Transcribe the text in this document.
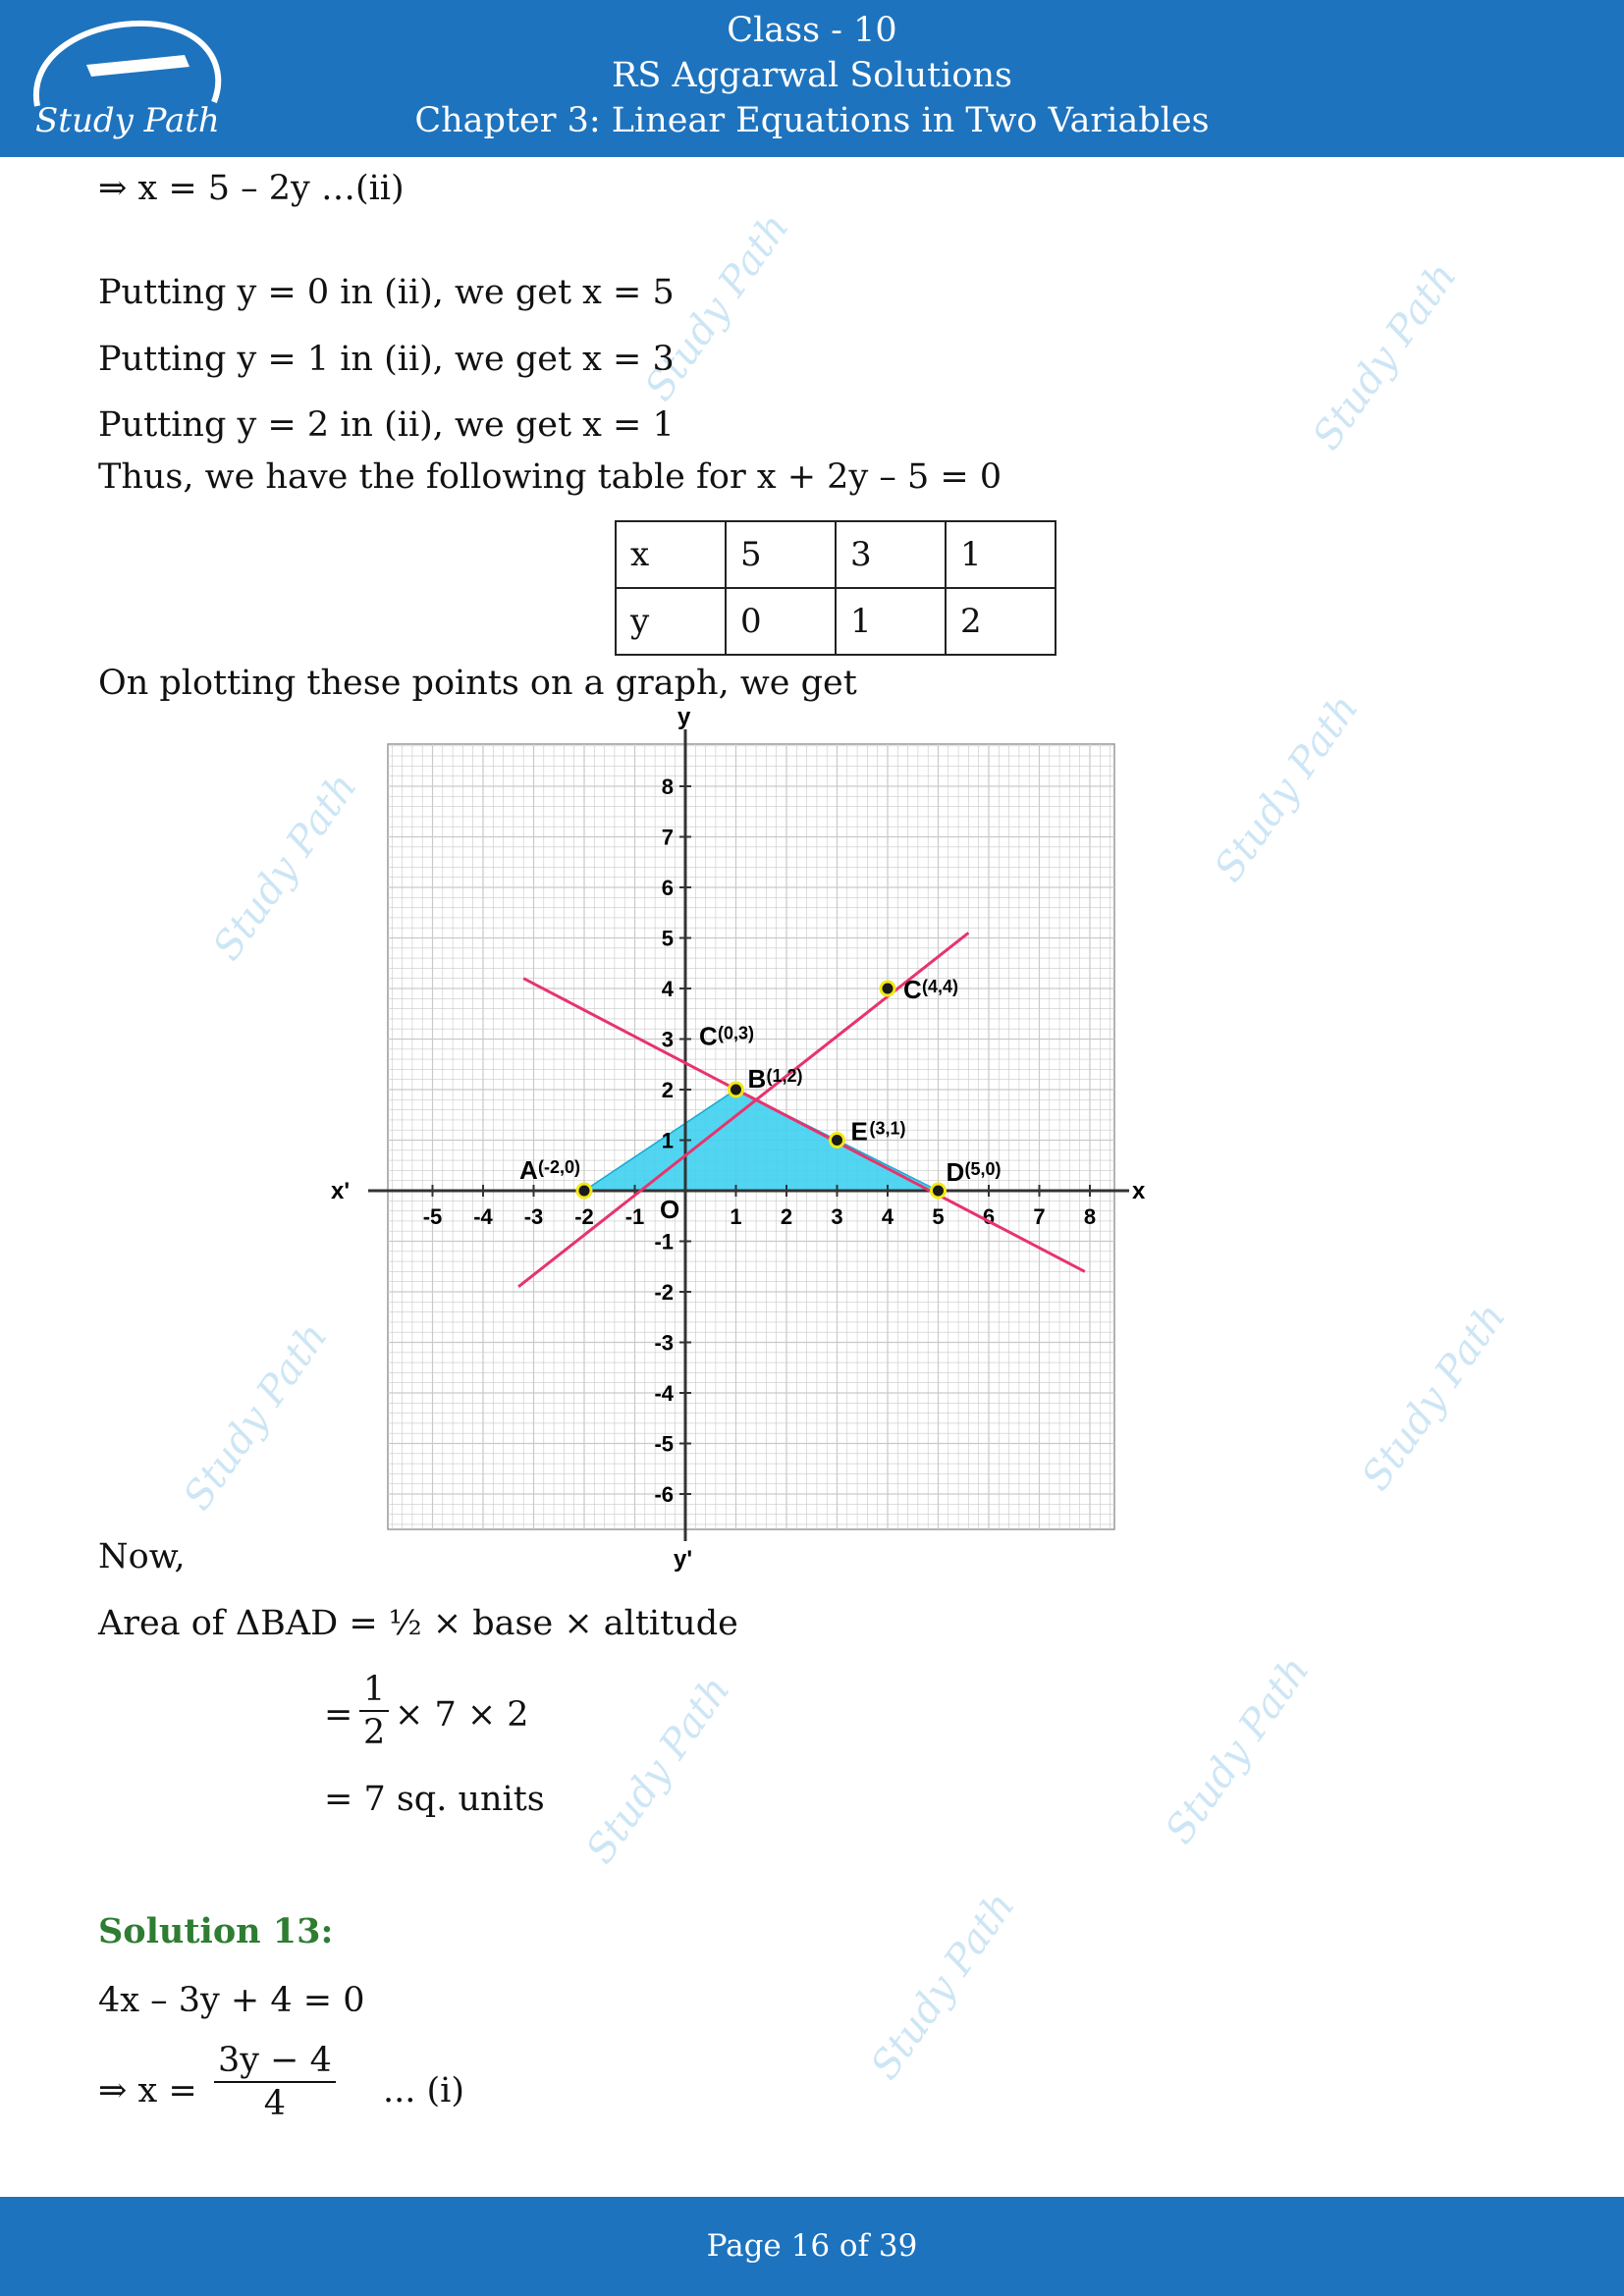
Study Path
Class - 10
RS Aggarwal Solutions
Chapter 3: Linear Equations in Two Variables
Study Path	Study Path
Study Path	Study Path
Study Path
Study Path
Study Path	Study Path
Study Path
⇒ x = 5 – 2y …(ii)
Putting y = 0 in (ii), we get x = 5
Putting y = 1 in (ii), we get x = 3
Putting y = 2 in (ii), we get x = 1
Thus, we have the following table for x + 2y – 5 = 0
x	5	3	1
y	0	1	2
On plotting these points on a graph, we get
x
x'
y
y'
O
-5 -4 -3 -2 -1	1 2 3 4 5 6 7 8
-6
-5
-4
-3
-2
-1
1
2
3
4
5
6
7
8
A (-2,0)
B (1,2)
C (0,3)
C (4,4)
E (3,1)
D (5,0)
Now,
Area of ΔBAD = ½ × base × altitude
= $\frac{1}{2} \times 7 \times 2$
= 7 sq. units
Solution 13:
4x – 3y + 4 = 0
⇒ $x = \frac{3y - 4}{4}$ ... (i)
Page 16 of 39
